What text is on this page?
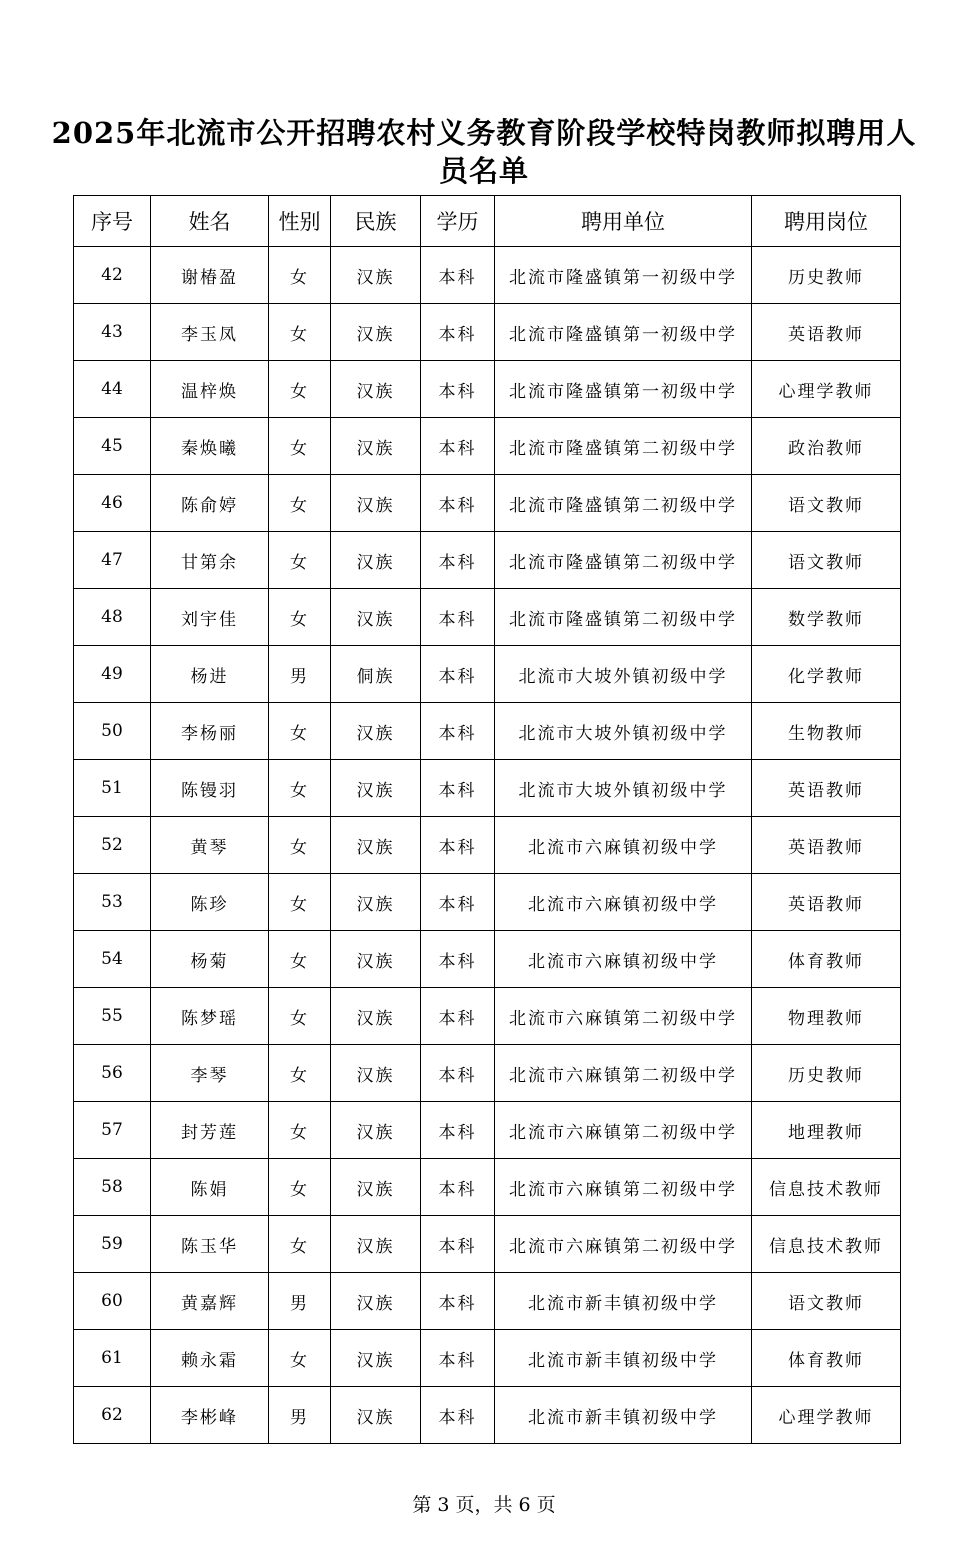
2025年北流市公开招聘农村义务教育阶段学校特岗教师拟聘用人员名单
序号	姓名	性别	民族	学历	聘用单位	聘用岗位
42	谢椿盈	女	汉族	本科	北流市隆盛镇第一初级中学	历史教师
43	李玉凤	女	汉族	本科	北流市隆盛镇第一初级中学	英语教师
44	温梓焕	女	汉族	本科	北流市隆盛镇第一初级中学	心理学教师
45	秦焕曦	女	汉族	本科	北流市隆盛镇第二初级中学	政治教师
46	陈俞婷	女	汉族	本科	北流市隆盛镇第二初级中学	语文教师
47	甘第余	女	汉族	本科	北流市隆盛镇第二初级中学	语文教师
48	刘宇佳	女	汉族	本科	北流市隆盛镇第二初级中学	数学教师
49	杨进	男	侗族	本科	北流市大坡外镇初级中学	化学教师
50	李杨丽	女	汉族	本科	北流市大坡外镇初级中学	生物教师
51	陈镘羽	女	汉族	本科	北流市大坡外镇初级中学	英语教师
52	黄琴	女	汉族	本科	北流市六麻镇初级中学	英语教师
53	陈珍	女	汉族	本科	北流市六麻镇初级中学	英语教师
54	杨菊	女	汉族	本科	北流市六麻镇初级中学	体育教师
55	陈梦瑶	女	汉族	本科	北流市六麻镇第二初级中学	物理教师
56	李琴	女	汉族	本科	北流市六麻镇第二初级中学	历史教师
57	封芳莲	女	汉族	本科	北流市六麻镇第二初级中学	地理教师
58	陈娟	女	汉族	本科	北流市六麻镇第二初级中学	信息技术教师
59	陈玉华	女	汉族	本科	北流市六麻镇第二初级中学	信息技术教师
60	黄嘉辉	男	汉族	本科	北流市新丰镇初级中学	语文教师
61	赖永霜	女	汉族	本科	北流市新丰镇初级中学	体育教师
62	李彬峰	男	汉族	本科	北流市新丰镇初级中学	心理学教师
第 3 页，共 6 页
